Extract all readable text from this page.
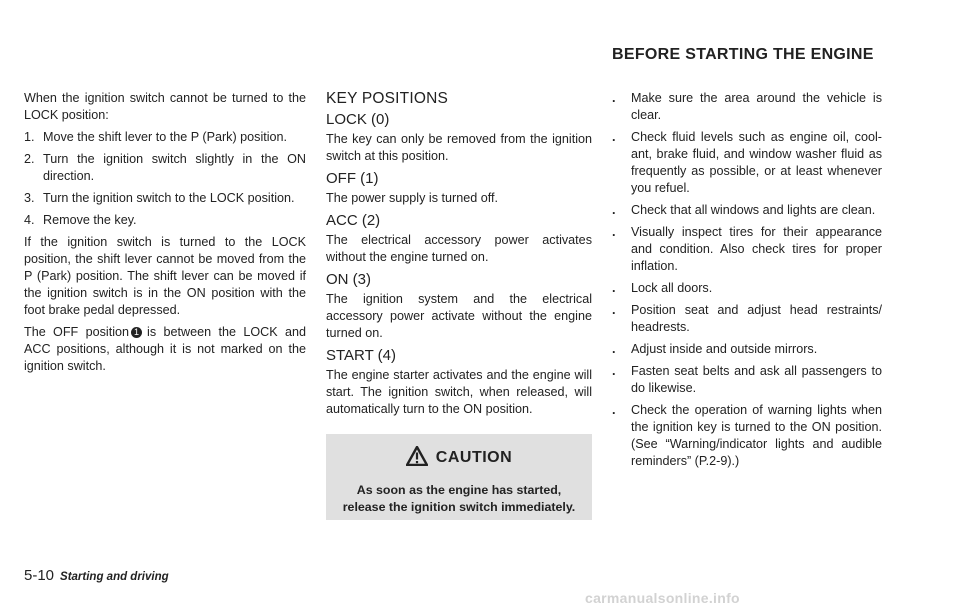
BEFORE STARTING THE ENGINE

When the ignition switch cannot be turned to the LOCK position:

1. Move the shift lever to the P (Park) position.
2. Turn the ignition switch slightly in the ON direction.
3. Turn the ignition switch to the LOCK position.
4. Remove the key.

If the ignition switch is turned to the LOCK position, the shift lever cannot be moved from the P (Park) position. The shift lever can be moved if the ignition switch is in the ON position with the foot brake pedal depressed.

The OFF position 1 is between the LOCK and ACC positions, although it is not marked on the ignition switch.

KEY POSITIONS
LOCK (0)

The key can only be removed from the ignition switch at this position.

OFF (1)

The power supply is turned off.

ACC (2)

The electrical accessory power activates without the engine turned on.

ON (3)

The ignition system and the electrical accessory power activate without the engine turned on.

START (4)

The engine starter activates and the engine will start. The ignition switch, when released, will automatically turn to the ON position.

CAUTION
As soon as the engine has started, release the ignition switch immediately.
. Make sure the area around the vehicle is clear.
. Check fluid levels such as engine oil, coolant, brake fluid, and window washer fluid as frequently as possible, or at least whenever you refuel.
. Check that all windows and lights are clean.
. Visually inspect tires for their appearance and condition. Also check tires for proper inflation.
. Lock all doors.
. Position seat and adjust head restraints/ headrests.
. Adjust inside and outside mirrors.
. Fasten seat belts and ask all passengers to do likewise.
. Check the operation of warning lights when the ignition key is turned to the ON position. (See “Warning/indicator lights and audible reminders” (P.2-9).)
5-10 Starting and driving
carmanualsonline.info
